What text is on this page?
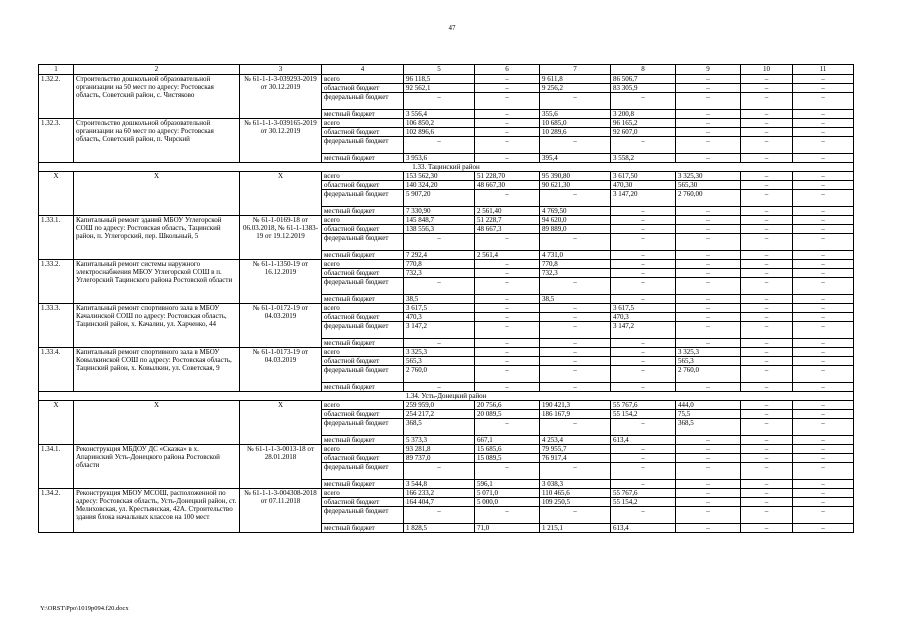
47
1	2	3	4	5	6	7	8	9	10	11
1.32.2.	Строительство дошкольной образовательной организации на 50 мест по адресу: Ростовская область, Советский район, с. Чистяково	№ 61-1-1-3-039293-2019 от 30.12.2019	всего	96 118,5	–	9 611,8	86 506,7	–	–	–
			областной бюджет	92 562,1	–	9 256,2	83 305,9	–	–	–
			федеральный бюджет	–	–	–	–	–	–	–
			местный бюджет	3 556,4	–	355,6	3 200,8	–	–	–
1.32.3.	Строительство дошкольной образовательной организации на 60 мест по адресу: Ростовская область, Советский район, п. Чирский	№ 61-1-1-3-039165-2019 от 30.12.2019	всего	106 850,2	–	10 685,0	96 165,2	–	–	–
			областной бюджет	102 896,6	–	10 289,6	92 607,0	–	–	–
			федеральный бюджет	–	–	–	–	–	–	–
			местный бюджет	3 953,6	–	395,4	3 558,2	–	–	–
1.33. Тацинский район										
Х	Х	Х	всего	153 562,30	51 228,70	95 390,80	3 617,50	3 325,30	–	–
			областной бюджет	140 324,20	48 667,30	90 621,30	470,30	565,30	–	–
			федеральный бюджет	5 907,20	–	–	3 147,20	2 760,00	–	–
			местный бюджет	7 330,90	2 561,40	4 769,50	–	–	–	–
1.33.1.	Капитальный ремонт зданий МБОУ Углегорской СОШ по адресу: Ростовская область, Тацинский район, п. Углегорский, пер. Школьный, 5	№ 61-1-0169-18 от 06.03.2018, № 61-1-1383-19 от 19.12.2019	всего	145 848,7	51 228,7	94 620,0	–	–	–	–
			областной бюджет	138 556,3	48 667,3	89 889,0	–	–	–	–
			федеральный бюджет	–	–	–	–	–	–	–
			местный бюджет	7 292,4	2 561,4	4 731,0	–	–	–	–
1.33.2.	Капитальный ремонт системы наружного электроснабжения МБОУ Углегорской СОШ в п. Углегорский Тацинского района Ростовской области	№ 61-1-1350-19 от 16.12.2019	всего	770,8	–	770,8	–	–	–	–
			областной бюджет	732,3	–	732,3	–	–	–	–
			федеральный бюджет	–	–	–	–	–	–	–
			местный бюджет	38,5	–	38,5	–	–	–	–
1.33.3.	Капитальный ремонт спортивного зала в МБОУ Качалинской СОШ по адресу: Ростовская область, Тацинский район, х. Качалин, ул. Харченко, 44	№ 61-1-0172-19 от 04.03.2019	всего	3 617,5	–	–	3 617,5	–	–	–
			областной бюджет	470,3	–	–	470,3	–	–	–
			федеральный бюджет	3 147,2	–	–	3 147,2	–	–	–
			местный бюджет	–	–	–	–	–	–	–
1.33.4.	Капитальный ремонт спортивного зала в МБОУ Ковылкинской СОШ по адресу: Ростовская область, Тацинский район, х. Ковылкин, ул. Советская, 9	№ 61-1-0173-19 от 04.03.2019	всего	3 325,3	–	–	–	3 325,3	–	–
			областной бюджет	565,3	–	–	–	565,3	–	–
			федеральный бюджет	2 760,0	–	–	–	2 760,0	–	–
			местный бюджет	–	–	–	–	–	–	–
1.34. Усть-Донецкий район										
Х	Х	Х	всего	259 959,0	20 756,6	190 421,3	55 767,6	444,0	–	–
			областной бюджет	254 217,2	20 089,5	186 167,9	55 154,2	75,5	–	–
			федеральный бюджет	368,5	–	–	–	368,5	–	–
			местный бюджет	5 373,3	667,1	4 253,4	613,4	–	–	–
1.34.1.	Реконструкция МБДОУ ДС «Сказка» в х. Апаринский Усть-Донецкого района Ростовской области	№ 61-1-1-3-0013-18 от 28.01.2018	всего	93 281,8	15 685,6	79 955,7	–	–	–	–
			областной бюджет	89 737,0	15 089,5	76 917,4	–	–	–	–
			федеральный бюджет	–	–	–	–	–	–	–
			местный бюджет	3 544,8	596,1	3 038,3	–	–	–	–
1.34.2.	Реконструкция МБОУ МСОШ, расположенной по адресу: Ростовская область, Усть-Донецкий район, ст. Мелиховская, ул. Крестьянская, 42А. Строительство здания блока начальных классов на 100 мест	№ 61-1-1-3-004308-2018 от 07.11.2018	всего	166 233,2	5 071,0	110 465,6	55 767,6	–	–	–
			областной бюджет	164 404,7	5 000,0	109 250,5	55 154,2	–	–	–
			федеральный бюджет	–	–	–	–	–	–	–
			местный бюджет	1 828,5	71,0	1 215,1	613,4	–	–	–
Y:\ORST\Ppo\1019p094.f20.docx
